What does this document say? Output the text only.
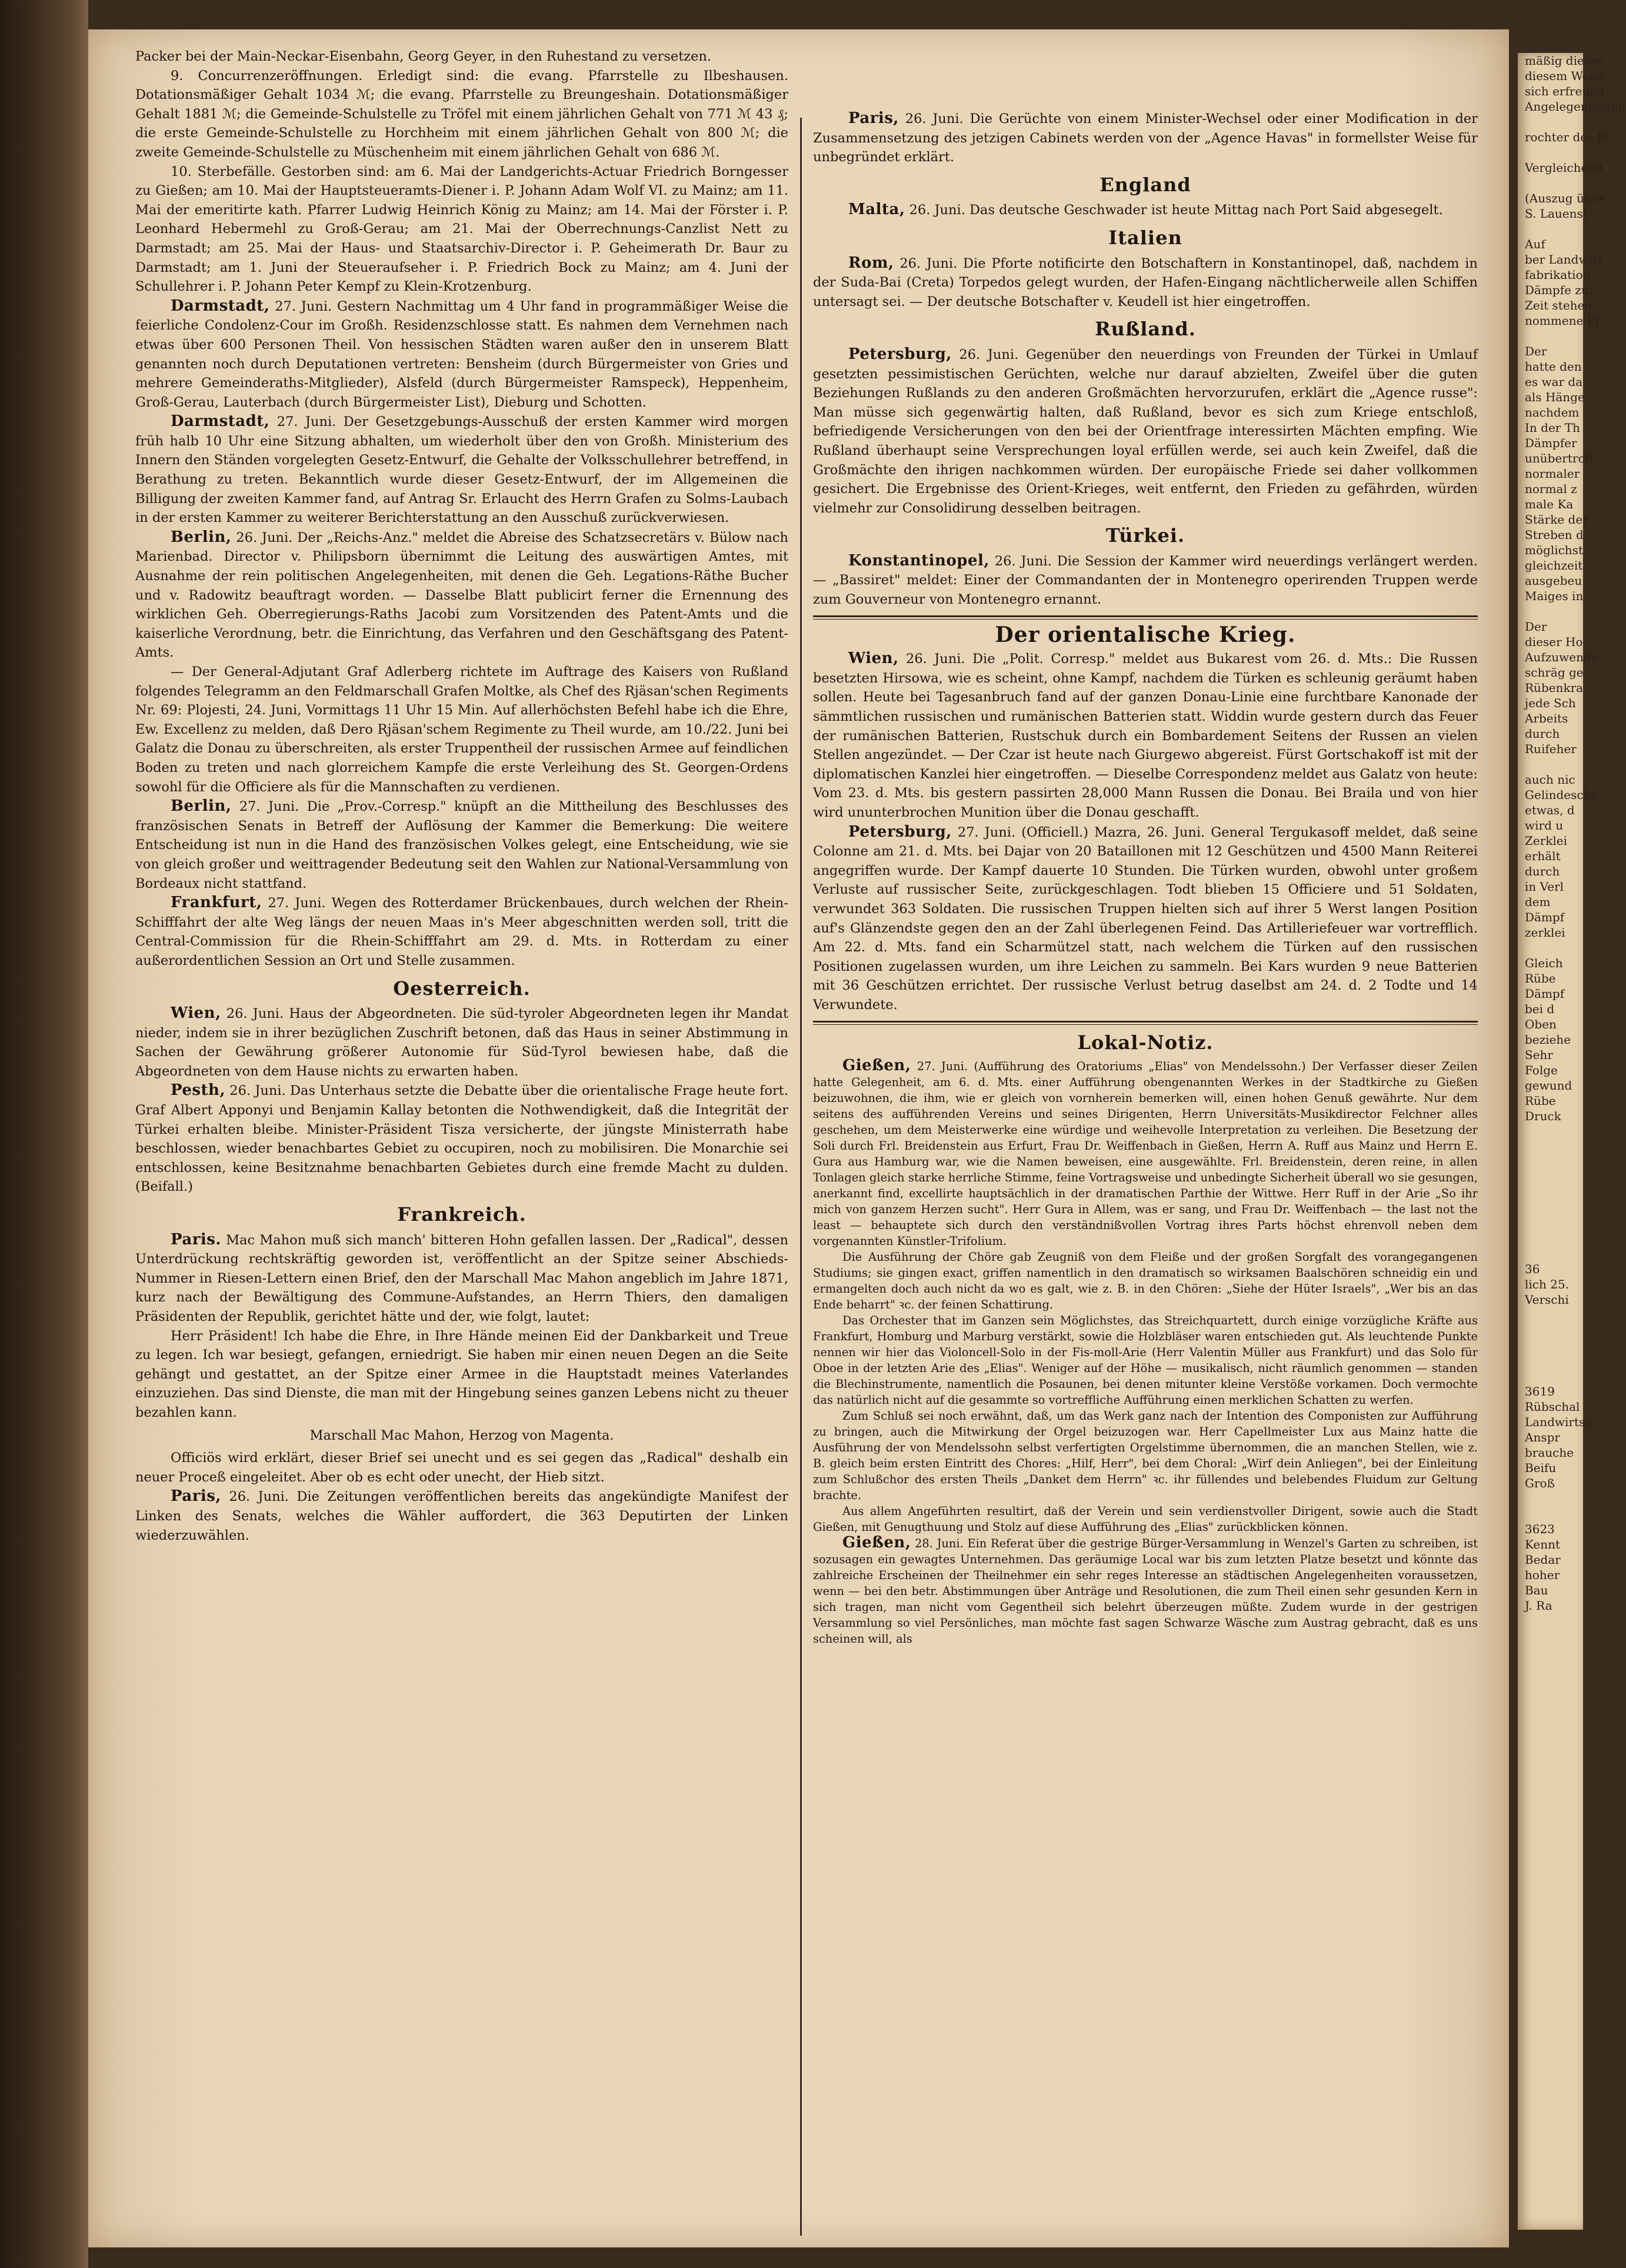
Packer bei der Main-Neckar-Eisenbahn, Georg Geyer, in den Ruhestand zu versetzen.

9. Concurrenzeröffnungen. Erledigt sind: die evang. Pfarrstelle zu Ilbeshausen. Dotationsmäßiger Gehalt 1034 ℳ; die evang. Pfarrstelle zu Breungeshain. Dotationsmäßiger Gehalt 1881 ℳ; die Gemeinde-Schulstelle zu Tröfel mit einem jährlichen Gehalt von 771 ℳ 43 ₰; die erste Gemeinde-Schulstelle zu Horchheim mit einem jährlichen Gehalt von 800 ℳ; die zweite Gemeinde-Schulstelle zu Müschenheim mit einem jährlichen Gehalt von 686 ℳ.

10. Sterbefälle. Gestorben sind: am 6. Mai der Landgerichts-Actuar Friedrich Borngesser zu Gießen; am 10. Mai der Hauptsteueramts-Diener i. P. Johann Adam Wolf VI. zu Mainz; am 11. Mai der emeritirte kath. Pfarrer Ludwig Heinrich König zu Mainz; am 14. Mai der Förster i. P. Leonhard Hebermehl zu Groß-Gerau; am 21. Mai der Oberrechnungs-Canzlist Nett zu Darmstadt; am 25. Mai der Haus- und Staatsarchiv-Director i. P. Geheimerath Dr. Baur zu Darmstadt; am 1. Juni der Steueraufseher i. P. Friedrich Bock zu Mainz; am 4. Juni der Schullehrer i. P. Johann Peter Kempf zu Klein-Krotzenburg.

Darmstadt, 27. Juni. Gestern Nachmittag um 4 Uhr fand in programmäßiger Weise die feierliche Condolenz-Cour im Großh. Residenzschlosse statt. Es nahmen dem Vernehmen nach etwas über 600 Personen Theil. Von hessischen Städten waren außer den in unserem Blatt genannten noch durch Deputationen vertreten: Bensheim (durch Bürgermeister von Gries und mehrere Gemeinderaths-Mitglieder), Alsfeld (durch Bürgermeister Ramspeck), Heppenheim, Groß-Gerau, Lauterbach (durch Bürgermeister List), Dieburg und Schotten.

Darmstadt, 27. Juni. Der Gesetzgebungs-Ausschuß der ersten Kammer wird morgen früh halb 10 Uhr eine Sitzung abhalten, um wiederholt über den von Großh. Ministerium des Innern den Ständen vorgelegten Gesetz-Entwurf, die Gehalte der Volksschullehrer betreffend, in Berathung zu treten. Bekanntlich wurde dieser Gesetz-Entwurf, der im Allgemeinen die Billigung der zweiten Kammer fand, auf Antrag Sr. Erlaucht des Herrn Grafen zu Solms-Laubach in der ersten Kammer zu weiterer Berichterstattung an den Ausschuß zurückverwiesen.

Berlin, 26. Juni. Der „Reichs-Anz." meldet die Abreise des Schatzsecretärs v. Bülow nach Marienbad. Director v. Philipsborn übernimmt die Leitung des auswärtigen Amtes, mit Ausnahme der rein politischen Angelegenheiten, mit denen die Geh. Legations-Räthe Bucher und v. Radowitz beauftragt worden. — Dasselbe Blatt publicirt ferner die Ernennung des wirklichen Geh. Oberregierungs-Raths Jacobi zum Vorsitzenden des Patent-Amts und die kaiserliche Verordnung, betr. die Einrichtung, das Verfahren und den Geschäftsgang des Patent-Amts.

— Der General-Adjutant Graf Adlerberg richtete im Auftrage des Kaisers von Rußland folgendes Telegramm an den Feldmarschall Grafen Moltke, als Chef des Rjäsan'schen Regiments Nr. 69: Plojesti, 24. Juni, Vormittags 11 Uhr 15 Min. Auf allerhöchsten Befehl habe ich die Ehre, Ew. Excellenz zu melden, daß Dero Rjäsan'schem Regimente zu Theil wurde, am 10./22. Juni bei Galatz die Donau zu überschreiten, als erster Truppentheil der russischen Armee auf feindlichen Boden zu treten und nach glorreichem Kampfe die erste Verleihung des St. Georgen-Ordens sowohl für die Officiere als für die Mannschaften zu verdienen.

Berlin, 27. Juni. Die „Prov.-Corresp." knüpft an die Mittheilung des Beschlusses des französischen Senats in Betreff der Auflösung der Kammer die Bemerkung: Die weitere Entscheidung ist nun in die Hand des französischen Volkes gelegt, eine Entscheidung, wie sie von gleich großer und weittragender Bedeutung seit den Wahlen zur National-Versammlung von Bordeaux nicht stattfand.

Frankfurt, 27. Juni. Wegen des Rotterdamer Brückenbaues, durch welchen der Rhein-Schifffahrt der alte Weg längs der neuen Maas in's Meer abgeschnitten werden soll, tritt die Central-Commission für die Rhein-Schifffahrt am 29. d. Mts. in Rotterdam zu einer außerordentlichen Session an Ort und Stelle zusammen.

Oesterreich.

Wien, 26. Juni. Haus der Abgeordneten. Die süd-tyroler Abgeordneten legen ihr Mandat nieder, indem sie in ihrer bezüglichen Zuschrift betonen, daß das Haus in seiner Abstimmung in Sachen der Gewährung größerer Autonomie für Süd-Tyrol bewiesen habe, daß die Abgeordneten von dem Hause nichts zu erwarten haben.

Pesth, 26. Juni. Das Unterhaus setzte die Debatte über die orientalische Frage heute fort. Graf Albert Apponyi und Benjamin Kallay betonten die Nothwendigkeit, daß die Integrität der Türkei erhalten bleibe. Minister-Präsident Tisza versicherte, der jüngste Ministerrath habe beschlossen, wieder benachbartes Gebiet zu occupiren, noch zu mobilisiren. Die Monarchie sei entschlossen, keine Besitznahme benachbarten Gebietes durch eine fremde Macht zu dulden. (Beifall.)

Frankreich.

Paris. Mac Mahon muß sich manch' bitteren Hohn gefallen lassen. Der „Radical", dessen Unterdrückung rechtskräftig geworden ist, veröffentlicht an der Spitze seiner Abschieds-Nummer in Riesen-Lettern einen Brief, den der Marschall Mac Mahon angeblich im Jahre 1871, kurz nach der Bewältigung des Commune-Aufstandes, an Herrn Thiers, den damaligen Präsidenten der Republik, gerichtet hätte und der, wie folgt, lautet:

Herr Präsident! Ich habe die Ehre, in Ihre Hände meinen Eid der Dankbarkeit und Treue zu legen. Ich war besiegt, gefangen, erniedrigt. Sie haben mir einen neuen Degen an die Seite gehängt und gestattet, an der Spitze einer Armee in die Hauptstadt meines Vaterlandes einzuziehen. Das sind Dienste, die man mit der Hingebung seines ganzen Lebens nicht zu theuer bezahlen kann.

Marschall Mac Mahon, Herzog von Magenta.

Officiös wird erklärt, dieser Brief sei unecht und es sei gegen das „Radical" deshalb ein neuer Proceß eingeleitet. Aber ob es echt oder unecht, der Hieb sitzt.

Paris, 26. Juni. Die Zeitungen veröffentlichen bereits das angekündigte Manifest der Linken des Senats, welches die Wähler auffordert, die 363 Deputirten der Linken wiederzuwählen.

Paris, 26. Juni. Die Gerüchte von einem Minister-Wechsel oder einer Modification in der Zusammensetzung des jetzigen Cabinets werden von der „Agence Havas" in formellster Weise für unbegründet erklärt.

England

Malta, 26. Juni. Das deutsche Geschwader ist heute Mittag nach Port Said abgesegelt.

Italien

Rom, 26. Juni. Die Pforte notificirte den Botschaftern in Konstantinopel, daß, nachdem in der Suda-Bai (Creta) Torpedos gelegt wurden, der Hafen-Eingang nächtlicherweile allen Schiffen untersagt sei. — Der deutsche Botschafter v. Keudell ist hier eingetroffen.

Rußland.

Petersburg, 26. Juni. Gegenüber den neuerdings von Freunden der Türkei in Umlauf gesetzten pessimistischen Gerüchten, welche nur darauf abzielten, Zweifel über die guten Beziehungen Rußlands zu den anderen Großmächten hervorzurufen, erklärt die „Agence russe": Man müsse sich gegenwärtig halten, daß Rußland, bevor es sich zum Kriege entschloß, befriedigende Versicherungen von den bei der Orientfrage interessirten Mächten empfing. Wie Rußland überhaupt seine Versprechungen loyal erfüllen werde, sei auch kein Zweifel, daß die Großmächte den ihrigen nachkommen würden. Der europäische Friede sei daher vollkommen gesichert. Die Ergebnisse des Orient-Krieges, weit entfernt, den Frieden zu gefährden, würden vielmehr zur Consolidirung desselben beitragen.

Türkei.

Konstantinopel, 26. Juni. Die Session der Kammer wird neuerdings verlängert werden. — „Bassiret" meldet: Einer der Commandanten der in Montenegro operirenden Truppen werde zum Gouverneur von Montenegro ernannt.

Der orientalische Krieg.

Wien, 26. Juni. Die „Polit. Corresp." meldet aus Bukarest vom 26. d. Mts.: Die Russen besetzten Hirsowa, wie es scheint, ohne Kampf, nachdem die Türken es schleunig geräumt haben sollen. Heute bei Tagesanbruch fand auf der ganzen Donau-Linie eine furchtbare Kanonade der sämmtlichen russischen und rumänischen Batterien statt. Widdin wurde gestern durch das Feuer der rumänischen Batterien, Rustschuk durch ein Bombardement Seitens der Russen an vielen Stellen angezündet. — Der Czar ist heute nach Giurgewo abgereist. Fürst Gortschakoff ist mit der diplomatischen Kanzlei hier eingetroffen. — Dieselbe Correspondenz meldet aus Galatz von heute: Vom 23. d. Mts. bis gestern passirten 28,000 Mann Russen die Donau. Bei Braila und von hier wird ununterbrochen Munition über die Donau geschafft.

Petersburg, 27. Juni. (Officiell.) Mazra, 26. Juni. General Tergukasoff meldet, daß seine Colonne am 21. d. Mts. bei Dajar von 20 Bataillonen mit 12 Geschützen und 4500 Mann Reiterei angegriffen wurde. Der Kampf dauerte 10 Stunden. Die Türken wurden, obwohl unter großem Verluste auf russischer Seite, zurückgeschlagen. Todt blieben 15 Officiere und 51 Soldaten, verwundet 363 Soldaten. Die russischen Truppen hielten sich auf ihrer 5 Werst langen Position auf's Glänzendste gegen den an der Zahl überlegenen Feind. Das Artilleriefeuer war vortrefflich. Am 22. d. Mts. fand ein Scharmützel statt, nach welchem die Türken auf den russischen Positionen zugelassen wurden, um ihre Leichen zu sammeln. Bei Kars wurden 9 neue Batterien mit 36 Geschützen errichtet. Der russische Verlust betrug daselbst am 24. d. 2 Todte und 14 Verwundete.

Lokal-Notiz.

Gießen, 27. Juni. (Aufführung des Oratoriums „Elias" von Mendelssohn.) Der Verfasser dieser Zeilen hatte Gelegenheit, am 6. d. Mts. einer Aufführung obengenannten Werkes in der Stadtkirche zu Gießen beizuwohnen, die ihm, wie er gleich von vornherein bemerken will, einen hohen Genuß gewährte. Nur dem seitens des aufführenden Vereins und seines Dirigenten, Herrn Universitäts-Musikdirector Felchner alles geschehen, um dem Meisterwerke eine würdige und weihevolle Interpretation zu verleihen. Die Besetzung der Soli durch Frl. Breidenstein aus Erfurt, Frau Dr. Weiffenbach in Gießen, Herrn A. Ruff aus Mainz und Herrn E. Gura aus Hamburg war, wie die Namen beweisen, eine ausgewählte. Frl. Breidenstein, deren reine, in allen Tonlagen gleich starke herrliche Stimme, feine Vortragsweise und unbedingte Sicherheit überall wo sie gesungen, anerkannt find, excellirte hauptsächlich in der dramatischen Parthie der Wittwe. Herr Ruff in der Arie „So ihr mich von ganzem Herzen sucht". Herr Gura in Allem, was er sang, und Frau Dr. Weiffenbach — the last not the least — behauptete sich durch den verständnißvollen Vortrag ihres Parts höchst ehrenvoll neben dem vorgenannten Künstler-Trifolium.

Die Ausführung der Chöre gab Zeugniß von dem Fleiße und der großen Sorgfalt des vorangegangenen Studiums; sie gingen exact, griffen namentlich in den dramatisch so wirksamen Baalschören schneidig ein und ermangelten doch auch nicht da wo es galt, wie z. B. in den Chören: „Siehe der Hüter Israels", „Wer bis an das Ende beharrt" ꝛc. der feinen Schattirung.

Das Orchester that im Ganzen sein Möglichstes, das Streichquartett, durch einige vorzügliche Kräfte aus Frankfurt, Homburg und Marburg verstärkt, sowie die Holzbläser waren entschieden gut. Als leuchtende Punkte nennen wir hier das Violoncell-Solo in der Fis-moll-Arie (Herr Valentin Müller aus Frankfurt) und das Solo für Oboe in der letzten Arie des „Elias". Weniger auf der Höhe — musikalisch, nicht räumlich genommen — standen die Blechinstrumente, namentlich die Posaunen, bei denen mitunter kleine Verstöße vorkamen. Doch vermochte das natürlich nicht auf die gesammte so vortreffliche Aufführung einen merklichen Schatten zu werfen.

Zum Schluß sei noch erwähnt, daß, um das Werk ganz nach der Intention des Componisten zur Aufführung zu bringen, auch die Mitwirkung der Orgel beizuzogen war. Herr Capellmeister Lux aus Mainz hatte die Ausführung der von Mendelssohn selbst verfertigten Orgelstimme übernommen, die an manchen Stellen, wie z. B. gleich beim ersten Eintritt des Chores: „Hilf, Herr", bei dem Choral: „Wirf dein Anliegen", bei der Einleitung zum Schlußchor des ersten Theils „Danket dem Herrn" ꝛc. ihr füllendes und belebendes Fluidum zur Geltung brachte.

Aus allem Angeführten resultirt, daß der Verein und sein verdienstvoller Dirigent, sowie auch die Stadt Gießen, mit Genugthuung und Stolz auf diese Aufführung des „Elias" zurückblicken können.

Gießen, 28. Juni. Ein Referat über die gestrige Bürger-Versammlung in Wenzel's Garten zu schreiben, ist sozusagen ein gewagtes Unternehmen. Das geräumige Local war bis zum letzten Platze besetzt und könnte das zahlreiche Erscheinen der Theilnehmer ein sehr reges Interesse an städtischen Angelegenheiten voraussetzen, wenn — bei den betr. Abstimmungen über Anträge und Resolutionen, die zum Theil einen sehr gesunden Kern in sich tragen, man nicht vom Gegentheil sich belehrt überzeugen müßte. Zudem wurde in der gestrigen Versammlung so viel Persönliches, man möchte fast sagen Schwarze Wäsche zum Austrag gebracht, daß es uns scheinen will, als

mäßig dieses
diesem Wege
sich erfreuen
Angelegenheiten

rochter des Bl

Vergleichend

(Auszug über
S. Lauenst

Auf
ber Landwirt
fabrikation.
Dämpfe zur
Zeit stehen
nommene Pf

Der
hatte den
es war da
als Hänge
nachdem
In der Th
Dämpfer
unübertroff
normaler
normal z
male Ka
Stärke der
Streben d
möglichst
gleichzeit
ausgebeu
Maiges in

Der
dieser Ho
Aufzuwende
schräg ge
Rübenkra
jede Sch
Arbeits
durch
Ruifeher

auch nic
Gelindesche
etwas, d
wird u
Zerklei
erhält
durch
in Verl
dem
Dämpf
zerklei

Gleich
Rübe
Dämpf
bei d
Oben
beziehe
Sehr
Folge
gewund
Rübe
Druck

36
lich 25.
Verschi

3619
Rübschal
Landwirtsc
Anspr
brauche
Beifu
Groß

3623
Kennt
Bedar
hoher
Bau
J. Ra
